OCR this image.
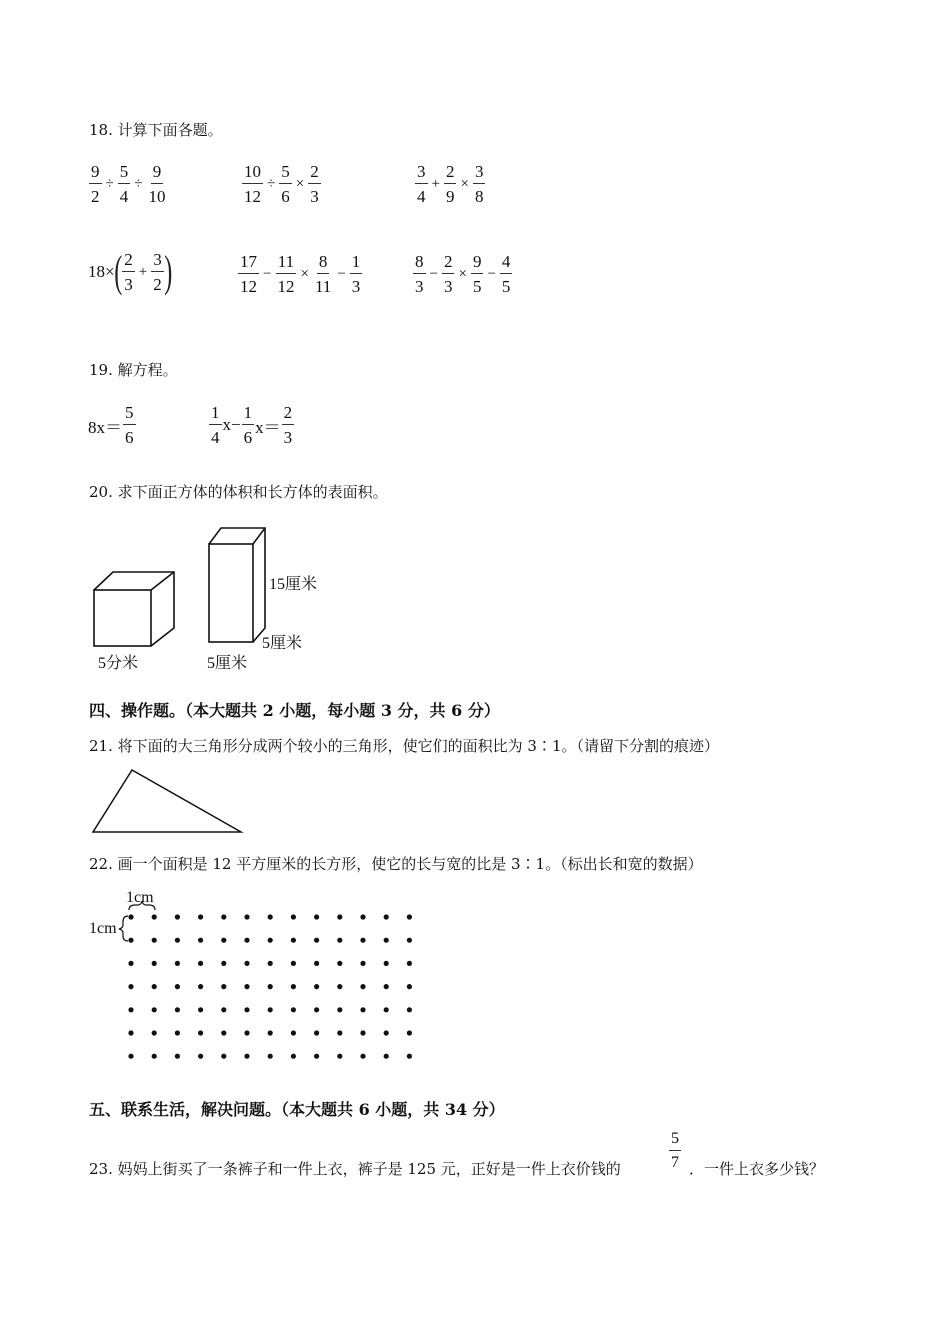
18. 计算下面各题。
$\frac{9}{2} \div \frac{5}{4} \div \frac{9}{10}$	$\frac{10}{12} \div \frac{5}{6} \times \frac{2}{3}$	$\frac{3}{4} + \frac{2}{9} \times \frac{3}{8}$
18× ( $\frac{2}{3} + \frac{3}{2}$ )	$\frac{17}{12} - \frac{11}{12} \times \frac{8}{11} - \frac{1}{3}$	$\frac{8}{3} - \frac{2}{3} \times \frac{9}{5} - \frac{4}{5}$
19. 解方程。
$8x= \frac{5}{6}$	$\frac{1}{4} x- \frac{1}{6} x= \frac{2}{3}$
20. 求下面正方体的体积和长方体的表面积。
5分米
15厘米
5厘米
5厘米
四、操作题。（本大题共 2 小题，每小题 3 分，共 6 分）
21. 将下面的大三角形分成两个较小的三角形，使它们的面积比为 3∶1。（请留下分割的痕迹）
22. 画一个面积是 12 平方厘米的长方形，使它的长与宽的比是 3∶1。（标出长和宽的数据）
1cm
1cm
五、联系生活，解决问题。（本大题共 6 小题，共 34 分）
23. 妈妈上街买了一条裤子和一件上衣，裤子是 125 元，正好是一件上衣价钱的	$\frac{5}{7}$ ．一件上衣多少钱？
